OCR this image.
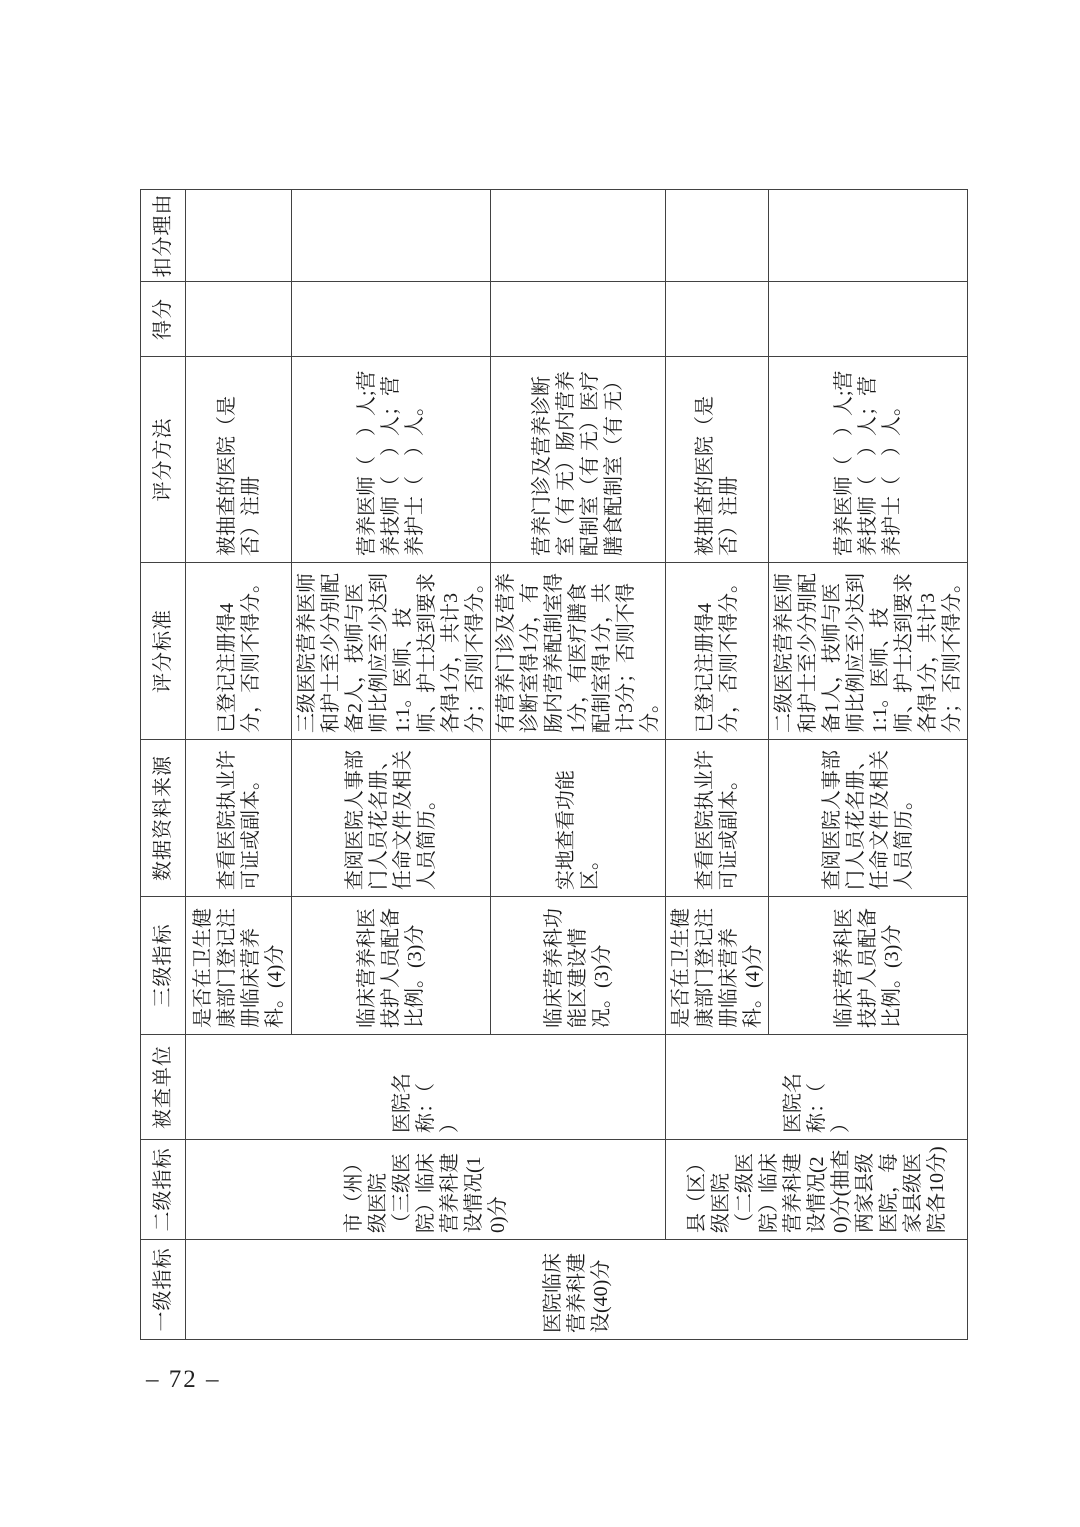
一级指标	二级指标	被查单位	三级指标	数据资料来源	评分标准	评分方法	得分	扣分理由
医院临床营养科建设(40)分	市（州）级医院（三级医院）临床营养科建设情况(10)分	医院名称：（　　）	是否在卫生健康部门登记注册临床营养科。(4)分	查看医院执业许可证或副本。	已登记注册得4分，否则不得分。	被抽查的医院（是 否）注册		
			临床营养科医技护人员配备比例。(3)分	查阅医院人事部门人员花名册、任命文件及相关人员简历。	三级医院营养医师和护士至少分别配备2人，技师与医师比例应至少达到1:1。医师、技师、护士达到要求各得1分，共计3分；否则不得分。	营养医师（　）人;营养技师（　）人；营养护士（　）人。		
			临床营养科功能区建设情况。(3)分	实地查看功能区。	有营养门诊及营养诊断室得1分，有肠内营养配制室得1分，有医疗膳食配制室得1分，共计3分；否则不得分。	营养门诊及营养诊断室（有 无）肠内营养配制室（有 无）医疗膳食配制室（有 无）		
	县（区）级医院（二级医院）临床营养科建设情况(20)分(抽查两家县级医院，每家县级医院各10分)	医院名称：（　　）	是否在卫生健康部门登记注册临床营养科。(4)分	查看医院执业许可证或副本。	已登记注册得4分，否则不得分。	被抽查的医院（是 否）注册		
			临床营养科医技护人员配备比例。(3)分	查阅医院人事部门人员花名册、任命文件及相关人员简历。	二级医院营养医师和护士至少分别配备1人，技师与医师比例应至少达到1:1。医师、技师、护士达到要求各得1分，共计3分；否则不得分。	营养医师（　）人;营养技师（　）人；营养护士（　）人。		
– 72 –
